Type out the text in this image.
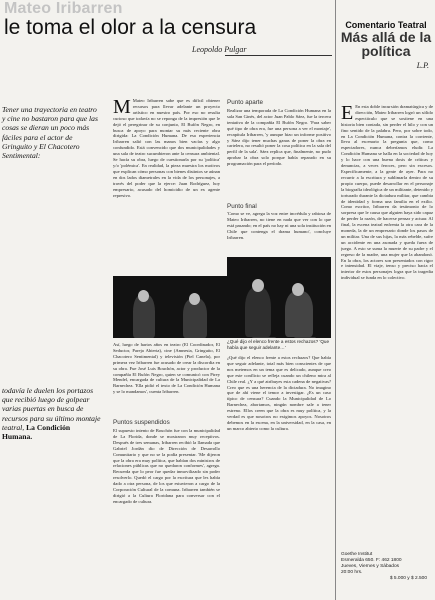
Mateo Iribarren
le toma el olor a la censura
Leopoldo Pulgar
Comentario Teatral
Más allá de la
política
L.P.
Tener una trayectoria en teatro y cine no bastaron para que las cosas se dieran un poco más fáciles para el actor de Gringuito y El Chacotero Sentimental:
todavía le duelen los portazos que recibió luego de golpear varias puertas en busca de recursos para su último montaje teatral, La Condición Humana.
M Mateo Iribarren sabe que es difícil obtener recursos para llevar adelante un proyecto artístico en nuestro país. Por eso no resulta curioso que todavía no se reponga de la impresión que le dejó el peregrinar de su conjunto, El Bufón Negro, en busca de apoyo para montar su más reciente obra dirigida: La Condición Humana. De esa experiencia Iribarren salió con las manos bien vacías y algo confundido. Está convencido que dos municipalidades y una sala de teatro sucumbieron ante la censura ambiental. Se hacía su obra, luego de cuestionarla por su 'política' y/o 'polémica'. En realidad, la pieza muestra los motivos que explican cómo personas con bienes distintos se aúnan en dos lados diametrales en la vida de los personajes, a través del poder que la ejerce: Juan Rodríguez, hoy empresario, acusado del homicidio de un ex agente represivo.
Así, luego de hartos años en teatro (El Coordinador, El Seductor, Pareja Abierta), cine (Amnesia, Gringuito, El Chacotero Sentimental) y televisión (Piel Canela), por primera vez Iribarren fue acusado de crear la discordia en su obra. Fue José Luis Bouchón, actor y productor de la compañía El Bufón Negro, quien se comunicó con Pirey Mendel, encargada de cultura de la Municipalidad de La Barnechea. 'Ella pidió el texto de La Condición Humana y se lo mandamos', cuenta Iribarren.
Puntos suspendidos
El supuesto intento de Bouchón fue con la municipalidad de La Florida, donde se mostraron muy receptivos. Después de tres semanas, Iribarren recibió la llamada que Gabriel Jordán dio de Dirección de Desarrollo Comunitario y que no se la podía presentar. 'Me dijeron que la obra era muy política, que habían dos ministros de relaciones públicas que no quedaron conformes', agrega. Recuerda que lo peor fue quedar inmovilizado sin poder resolverlo. Quedó el cargo por la escritura que les había dado a otra persona, de los que estuvieron a cargo de la Corporación Cultural de la comuna. Iribarren también se dirigió a la Cultura Floridana para conversar con el encargado de cultura.
Punto aparte
Realizar una temporada de La Condición Humana en la sala San Ginés, del actor Juan Pablo Sáez, fue la tercera tentativa de la compañía El Bufón Negro. 'Para saber qué tipo de obra era, fue una persona a ver el montaje', recapitula Iribarren, 'y aunque hizo un informe positivo y Sáez dijo tener muchas ganas de poner la obra en cartelera, no resultó poner la cosa política en la sala del perfil de la sala'. Sáez replica que, finalmente, no pudo aprobar la obra solo porque había reparado en su programación para el período.
Punto final
'Como se ve, agrega la voz entre incrédula y rabiosa de Mateo Iribarren, no tiene en nada que ver con lo que está pasando; en el país no hay ni una sola institución en Chile que contenga el drama humano', concluye Iribarren.
¿Qué dijo el elenco frente a estos rechazos? 'Que había que seguir adelante…'
¿Qué dijo el elenco frente a estos rechazos? Que había que seguir adelante, total más bien conscientes de que nos metemos en un tema que es delicado, aunque creo que este conflicto se refleja cuando un chileno mira al Chile real. ¿Y a qué atribuyes esta cadena de negativas? Creo que es una herencia de la dictadura. No imagino que de ahí viene el temor a investigar. ¿Es un caso típico de censura? Cuando la Municipalidad de Lo Barnechea, abortamos, ningún nombre sale a tener estreno. Ellos creen que la obra es muy política, y la verdad es que nosotros no exigimos apoyos. Nosotros debemos en la escena, en la universidad, en la casa, en un marco abierto como la cultura.
E En esta doble incursión dramatúrgica y de dirección, Mateo Iribarren logró un sólido espectáculo que se sostiene en una historia bien contada, sin perder el hilo y con un fino sentido de la palabra. Pero, por sobre todo, en La Condición Humana, contra la corriente, lleva al escenario la pregunta que, como espectadores, nunca deberíamos eludir. La Condición Humana se halla en la sociedad de hoy y lo hace con una buena dosis de críticas y denuncias, a veces feroces, pero sin excesos. Específicamente, a la gente de ayer. Para no recurrir a la escritura y sublimarla dentro de su propio cuerpo, puede desarrollar en el personaje la biografía ideológica de un militante, detenido y torturado durante la dictadura militar, que cambia de identidad y forma una familia en el exilio. Como escritor, Iribarren da testimonio de lo sorpresa que le causa que alguien haya sido capaz de perder la razón, de hacerse pensar y actuar. Al final, la escena teatral enfrenta la otra cara de la moneda, la de un empresario donde los pasos de un militar. Una de sus hijas, la más rebelde, sufre un accidente en una asonada y queda fuera de juego. A esto se suma la muerte de su padre y el regreso de la madre, una mujer que la abandonó. En la obra, los actores son presentados con rigor e intensidad. El viaje, tenso y preciso hacia el interior de estos personajes logra que la tragedia individual se funda en lo colectivo.
Goethe Institut
Esmeralda 650. F: 462 1800
Jueves, Viernes y Sábados
20:00 hrs.
$ 5.000 y $ 2.500
